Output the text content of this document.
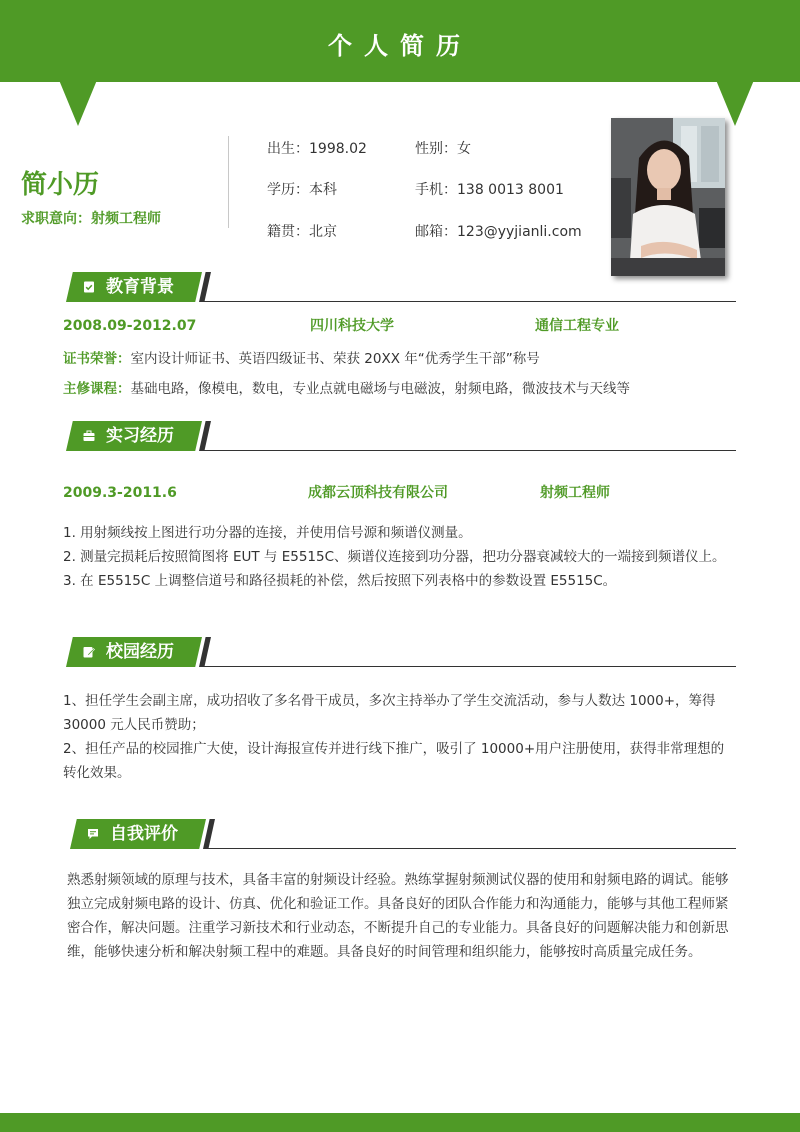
个人简历
简小历
求职意向：射频工程师
出生：1998.02	性别：女
学历：本科	手机：138 0013 8001
籍贯：北京	邮箱：123@yyjianli.com
教育背景
2008.09-2012.07	四川科技大学	通信工程专业
证书荣誉：室内设计师证书、英语四级证书、荣获 20XX 年“优秀学生干部”称号
主修课程：基础电路，像模电，数电，专业点就电磁场与电磁波，射频电路，微波技术与天线等
实习经历
2009.3-2011.6	成都云顶科技有限公司	射频工程师
1. 用射频线按上图进行功分器的连接，并使用信号源和频谱仪测量。
2. 测量完损耗后按照简图将 EUT 与 E5515C、频谱仪连接到功分器，把功分器衰减较大的一端接到频谱仪上。
3. 在 E5515C 上调整信道号和路径损耗的补偿，然后按照下列表格中的参数设置 E5515C。
校园经历
1、担任学生会副主席，成功招收了多名骨干成员，多次主持举办了学生交流活动，参与人数达 1000+，筹得 30000 元人民币赞助；
2、担任产品的校园推广大使，设计海报宣传并进行线下推广，吸引了 10000+用户注册使用，获得非常理想的转化效果。
自我评价
熟悉射频领域的原理与技术，具备丰富的射频设计经验。熟练掌握射频测试仪器的使用和射频电路的调试。能够独立完成射频电路的设计、仿真、优化和验证工作。具备良好的团队合作能力和沟通能力，能够与其他工程师紧密合作，解决问题。注重学习新技术和行业动态，不断提升自己的专业能力。具备良好的问题解决能力和创新思维，能够快速分析和解决射频工程中的难题。具备良好的时间管理和组织能力，能够按时高质量完成任务。
